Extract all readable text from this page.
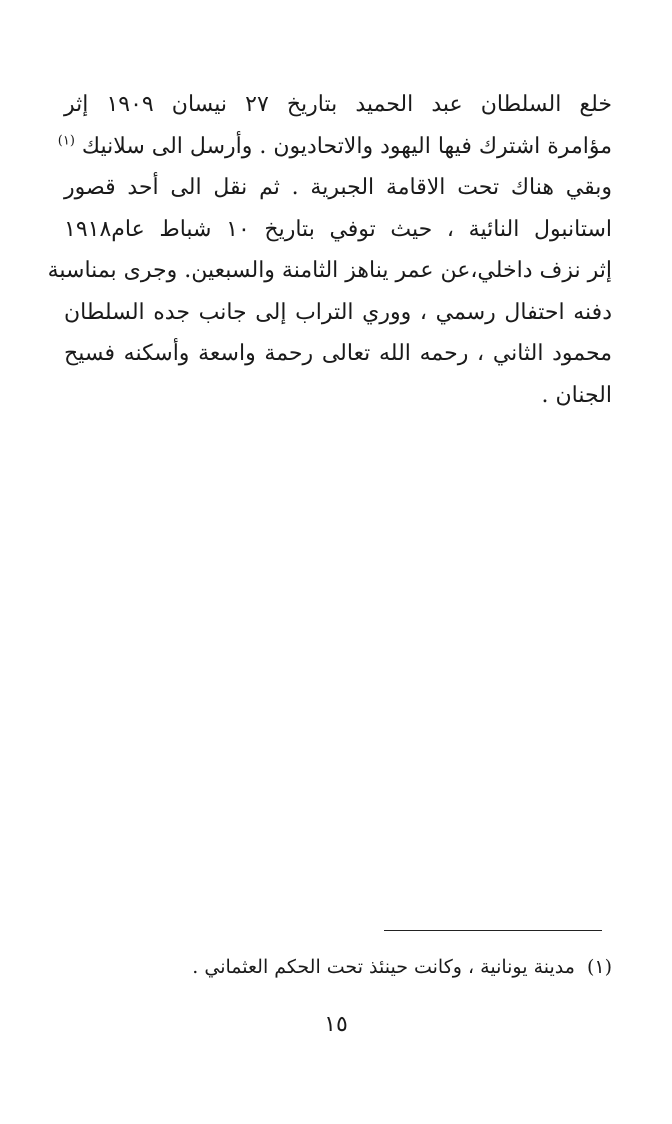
خلع السلطان عبد الحميد بتاريخ ٢٧ نيسان ١٩٠٩ إثر
مؤامرة اشترك فيها اليهود والاتحاديون . وأرسل الى سلانيك $^{(١)}$
وبقي هناك تحت الاقامة الجبرية . ثم نقل الى أحد قصور
استانبول النائية ، حيث توفي بتاريخ ١٠ شباط عام١٩١٨
إثر نزف داخلي،عن عمر يناهز الثامنة والسبعين. وجرى بمناسبة
دفنه احتفال رسمي ، ووري التراب إلى جانب جده السلطان
محمود الثاني ، رحمه الله تعالى رحمة واسعة وأسكنه فسيح
الجنان .
(١)مدينة يونانية ، وكانت حينئذ تحت الحكم العثماني .
١٥
